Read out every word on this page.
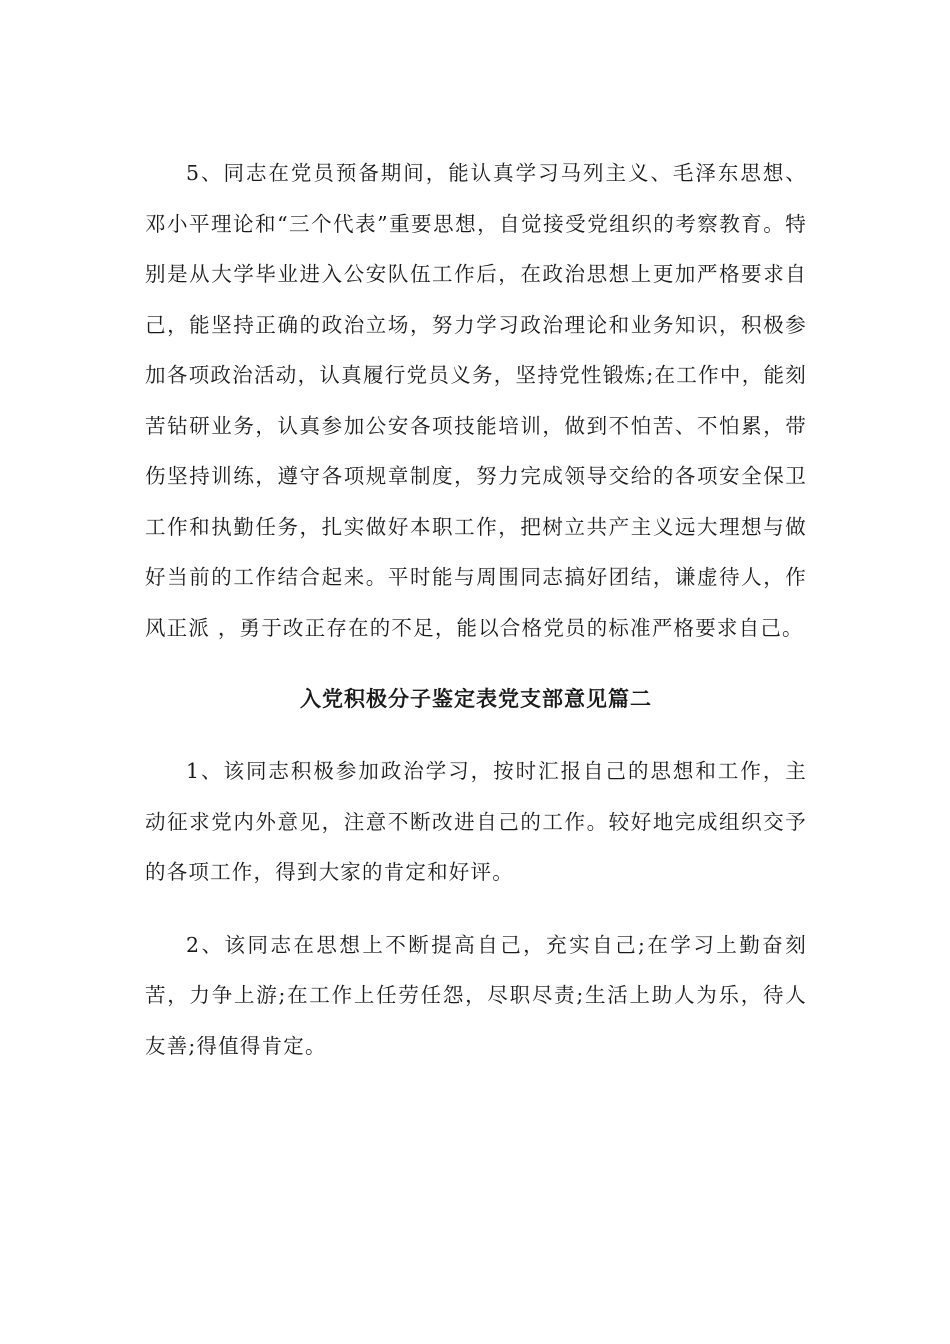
5、同志在党员预备期间，能认真学习马列主义、毛泽东思想、邓小平理论和“三个代表”重要思想，自觉接受党组织的考察教育。特别是从大学毕业进入公安队伍工作后，在政治思想上更加严格要求自己，能坚持正确的政治立场，努力学习政治理论和业务知识，积极参加各项政治活动，认真履行党员义务，坚持党性锻炼;在工作中，能刻苦钻研业务，认真参加公安各项技能培训，做到不怕苦、不怕累，带伤坚持训练，遵守各项规章制度，努力完成领导交给的各项安全保卫工作和执勤任务，扎实做好本职工作，把树立共产主义远大理想与做好当前的工作结合起来。平时能与周围同志搞好团结，谦虚待人，作风正派 ，勇于改正存在的不足，能以合格党员的标准严格要求自己。

入党积极分子鉴定表党支部意见篇二

1、该同志积极参加政治学习，按时汇报自己的思想和工作，主动征求党内外意见，注意不断改进自己的工作。较好地完成组织交予的各项工作，得到大家的肯定和好评。

2、该同志在思想上不断提高自己，充实自己;在学习上勤奋刻苦，力争上游;在工作上任劳任怨，尽职尽责;生活上助人为乐，待人友善;得值得肯定。
